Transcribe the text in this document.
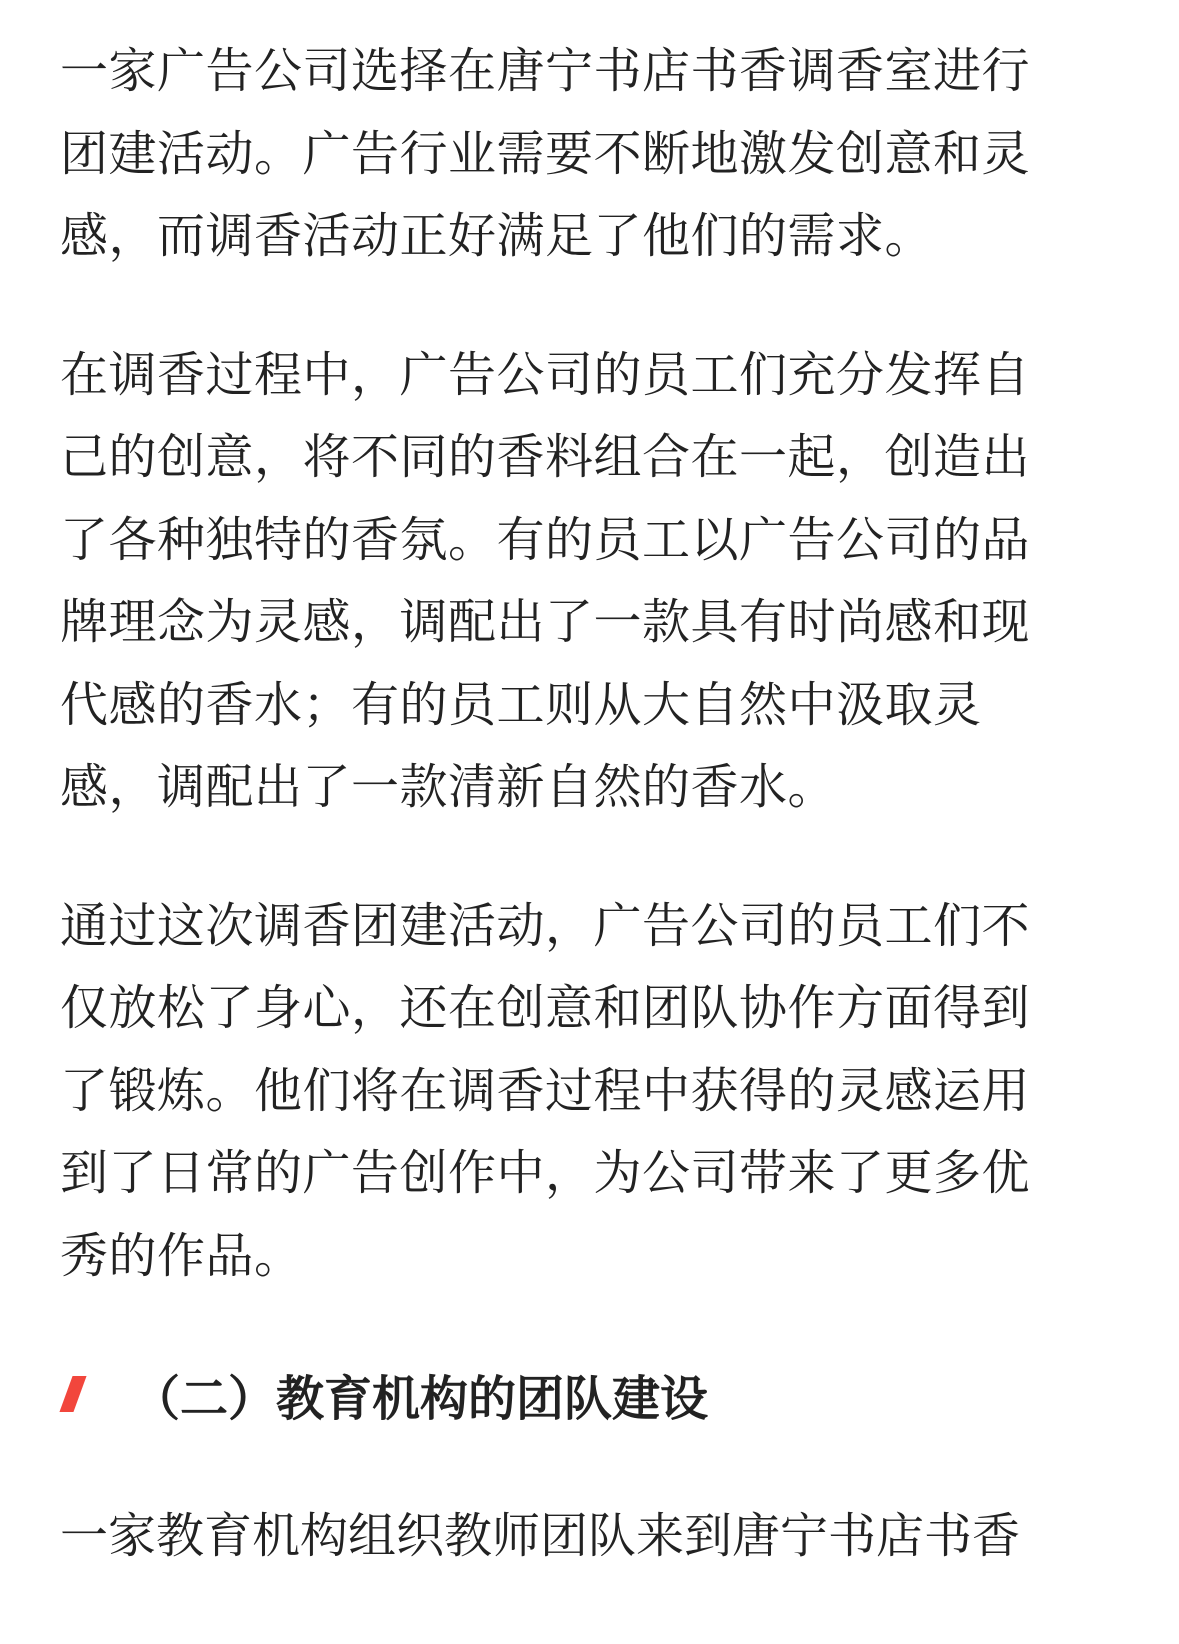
一家广告公司选择在唐宁书店书香调香室进行
团建活动。广告行业需要不断地激发创意和灵
感，而调香活动正好满足了他们的需求。

在调香过程中，广告公司的员工们充分发挥自
己的创意，将不同的香料组合在一起，创造出
了各种独特的香氛。有的员工以广告公司的品
牌理念为灵感，调配出了一款具有时尚感和现
代感的香水；有的员工则从大自然中汲取灵
感，调配出了一款清新自然的香水。

通过这次调香团建活动，广告公司的员工们不
仅放松了身心，还在创意和团队协作方面得到
了锻炼。他们将在调香过程中获得的灵感运用
到了日常的广告创作中，为公司带来了更多优
秀的作品。

（二）教育机构的团队建设

一家教育机构组织教师团队来到唐宁书店书香
